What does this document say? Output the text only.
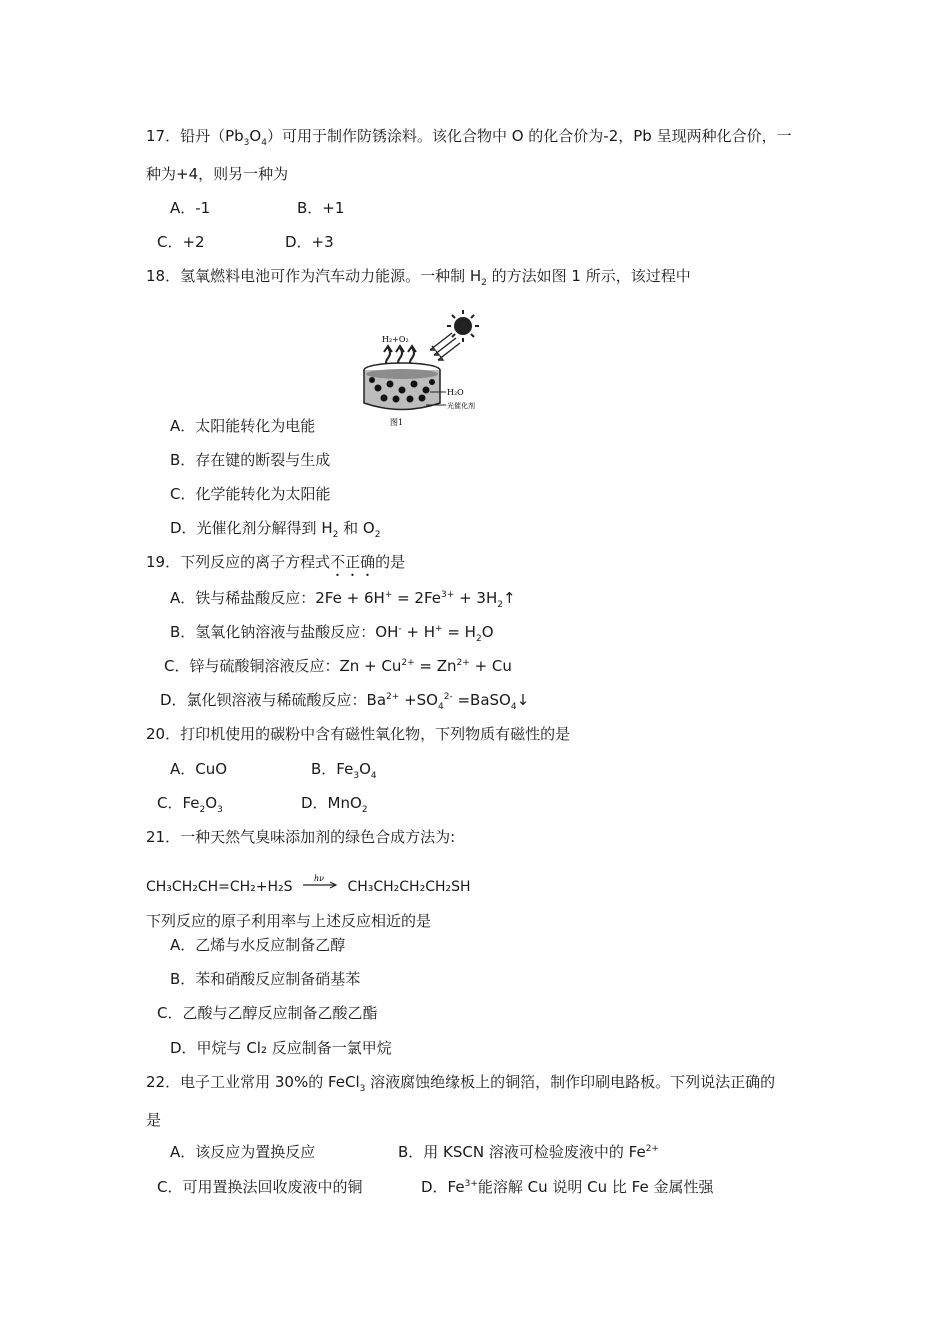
17．铅丹$(Pb_3O_4)$可用于制作防锈涂料。该化合物中 O 的化合价为-2，Pb 呈现两种化合价，一
种为+4，则另一种为
A．-1	B．+1
C．+2	D．+3
18．氢氧燃料电池可作为汽车动力能源。一种制 $H_2$ 的方法如图 1 所示，该过程中
H₂+O₂
H₂O
光催化剂
图1
A．太阳能转化为电能
B．存在键的断裂与生成
C．化学能转化为太阳能
D．光催化剂分解得到 $H_2$ 和 $O_2$
19．下列反应的离子方程式不正确的是
A．铁与稀盐酸反应：$2Fe + 6H^+ = 2Fe^{3+}$ + $3H_2↑$
B．氢氧化钠溶液与盐酸反应：$OH^- + H^+ = H_2O$
C．锌与硫酸铜溶液反应：$Zn + Cu^{2+} = Zn^{2+} + Cu$
D．氯化钡溶液与稀硫酸反应：$Ba^{2+} +SO_4^{2-}$ =BaSO$_4$↓
20．打印机使用的碳粉中含有磁性氧化物，下列物质有磁性的是
A．CuO	B．$Fe_3O_4$
C．$Fe_2O_3$	D．MnO$_2$
21．一种天然气臭味添加剂的绿色合成方法为:
CH₃CH₂CH=CH₂+H₂S
hν
CH₃CH₂CH₂CH₂SH
下列反应的原子利用率与上述反应相近的是
A．乙烯与水反应制备乙醇
B．苯和硝酸反应制备硝基苯
C．乙酸与乙醇反应制备乙酸乙酯
D．甲烷与 Cl₂ 反应制备一氯甲烷
22．电子工业常用 30%的 FeCl$_3$ 溶液腐蚀绝缘板上的铜箔，制作印刷电路板。下列说法正确的
是
A．该反应为置换反应	B．用 KSCN 溶液可检验废液中的 $Fe^{2+}$
C．可用置换法回收废液中的铜	D．$Fe^{3+}$能溶解 Cu 说明 Cu 比 Fe 金属性强
